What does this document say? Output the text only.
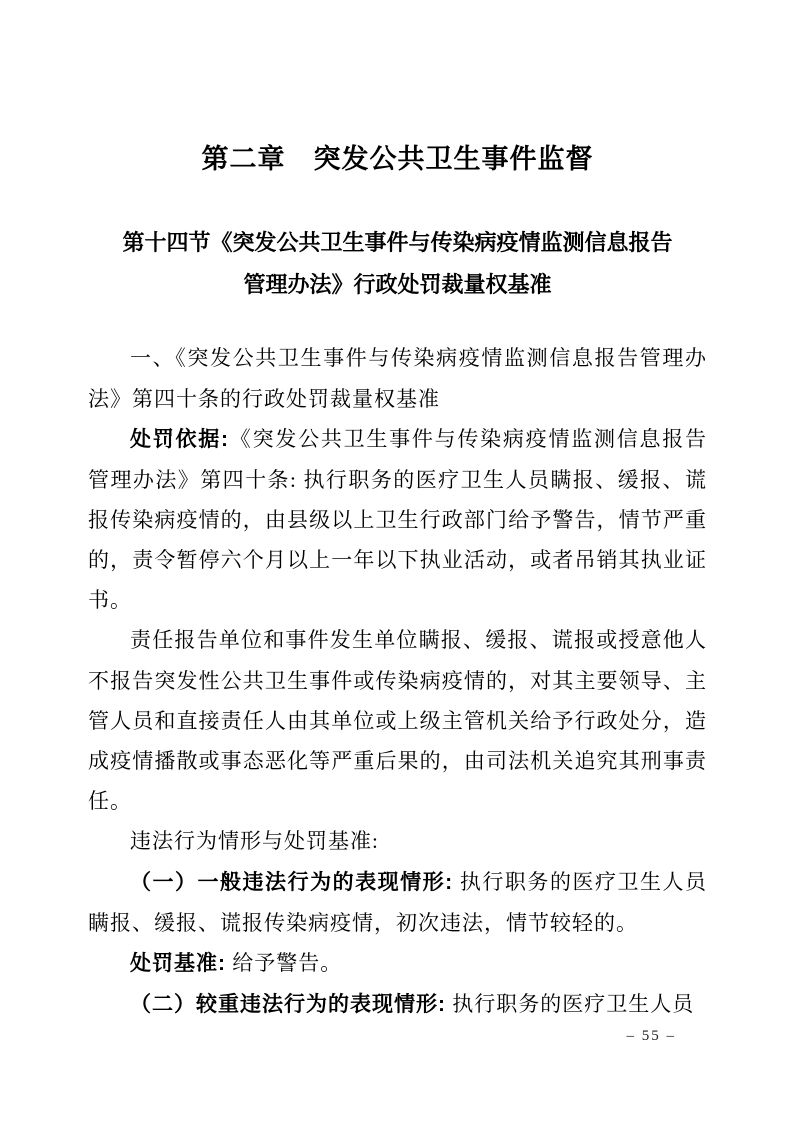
第二章　突发公共卫生事件监督
第十四节《突发公共卫生事件与传染病疫情监测信息报告
管理办法》行政处罚裁量权基准

一、《突发公共卫生事件与传染病疫情监测信息报告管理办法》第四十条的行政处罚裁量权基准

处罚依据:《突发公共卫生事件与传染病疫情监测信息报告管理办法》第四十条: 执行职务的医疗卫生人员瞒报、缓报、谎报传染病疫情的，由县级以上卫生行政部门给予警告，情节严重的，责令暂停六个月以上一年以下执业活动，或者吊销其执业证书。

责任报告单位和事件发生单位瞒报、缓报、谎报或授意他人不报告突发性公共卫生事件或传染病疫情的，对其主要领导、主管人员和直接责任人由其单位或上级主管机关给予行政处分，造成疫情播散或事态恶化等严重后果的，由司法机关追究其刑事责任。

违法行为情形与处罚基准:

（一）一般违法行为的表现情形: 执行职务的医疗卫生人员瞒报、缓报、谎报传染病疫情，初次违法，情节较轻的。

处罚基准: 给予警告。

（二）较重违法行为的表现情形: 执行职务的医疗卫生人员

– 55 –
